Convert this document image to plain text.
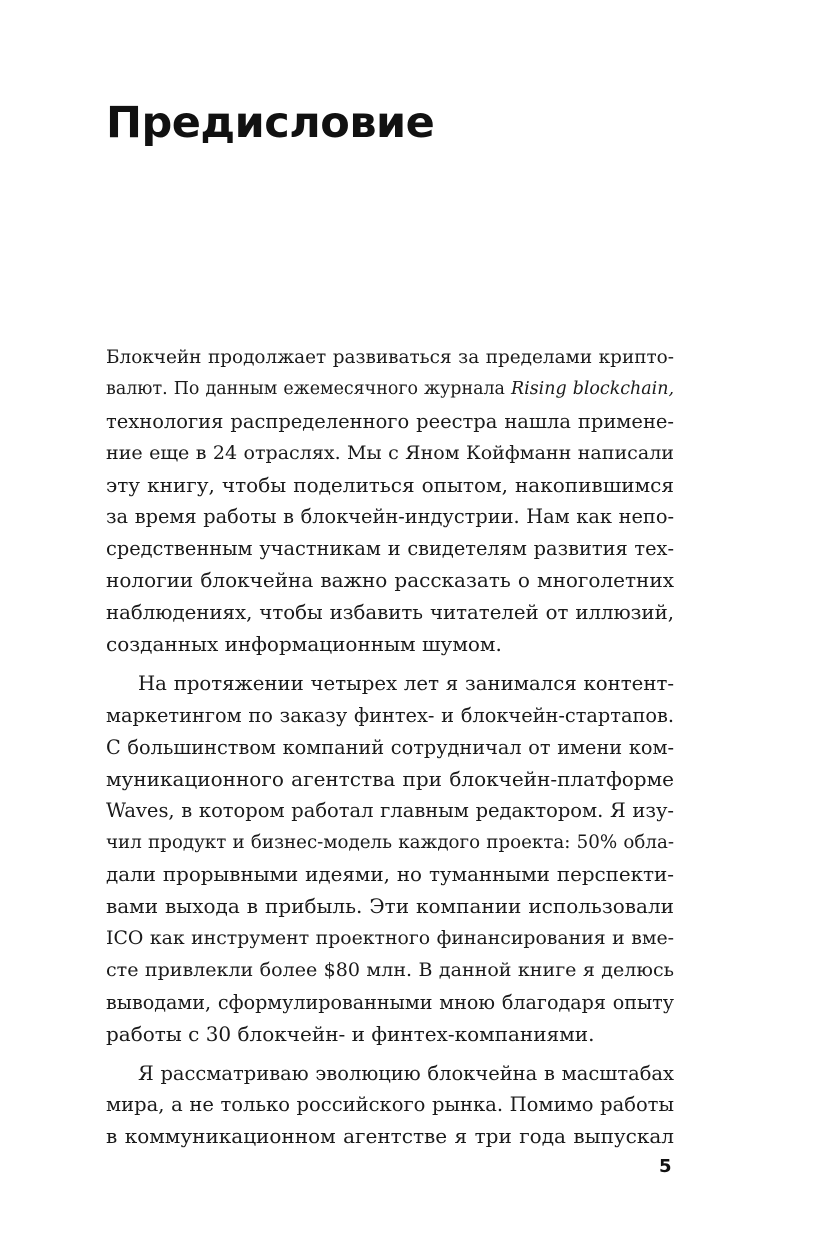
Предисловие
Блокчейн продолжает развиваться за пределами крипто-
валют. По данным ежемесячного журнала Rising blockchain,
технология распределенного реестра нашла примене-
ние еще в 24 отраслях. Мы с Яном Койфманн написали
эту книгу, чтобы поделиться опытом, накопившимся
за время работы в блокчейн-индустрии. Нам как непо-
средственным участникам и свидетелям развития тех-
нологии блокчейна важно рассказать о многолетних
наблюдениях, чтобы избавить читателей от иллюзий,
созданных информационным шумом.
На протяжении четырех лет я занимался контент-
маркетингом по заказу финтех- и блокчейн-стартапов.
С большинством компаний сотрудничал от имени ком-
муникационного агентства при блокчейн-платформе
Waves, в котором работал главным редактором. Я изу-
чил продукт и бизнес-модель каждого проекта: 50% обла-
дали прорывными идеями, но туманными перспекти-
вами выхода в прибыль. Эти компании использовали
ICO как инструмент проектного финансирования и вме-
сте привлекли более $80 млн. В данной книге я делюсь
выводами, сформулированными мною благодаря опыту
работы с 30 блокчейн- и финтех-компаниями.
Я рассматриваю эволюцию блокчейна в масштабах
мира, а не только российского рынка. Помимо работы
в коммуникационном агентстве я три года выпускал
5
